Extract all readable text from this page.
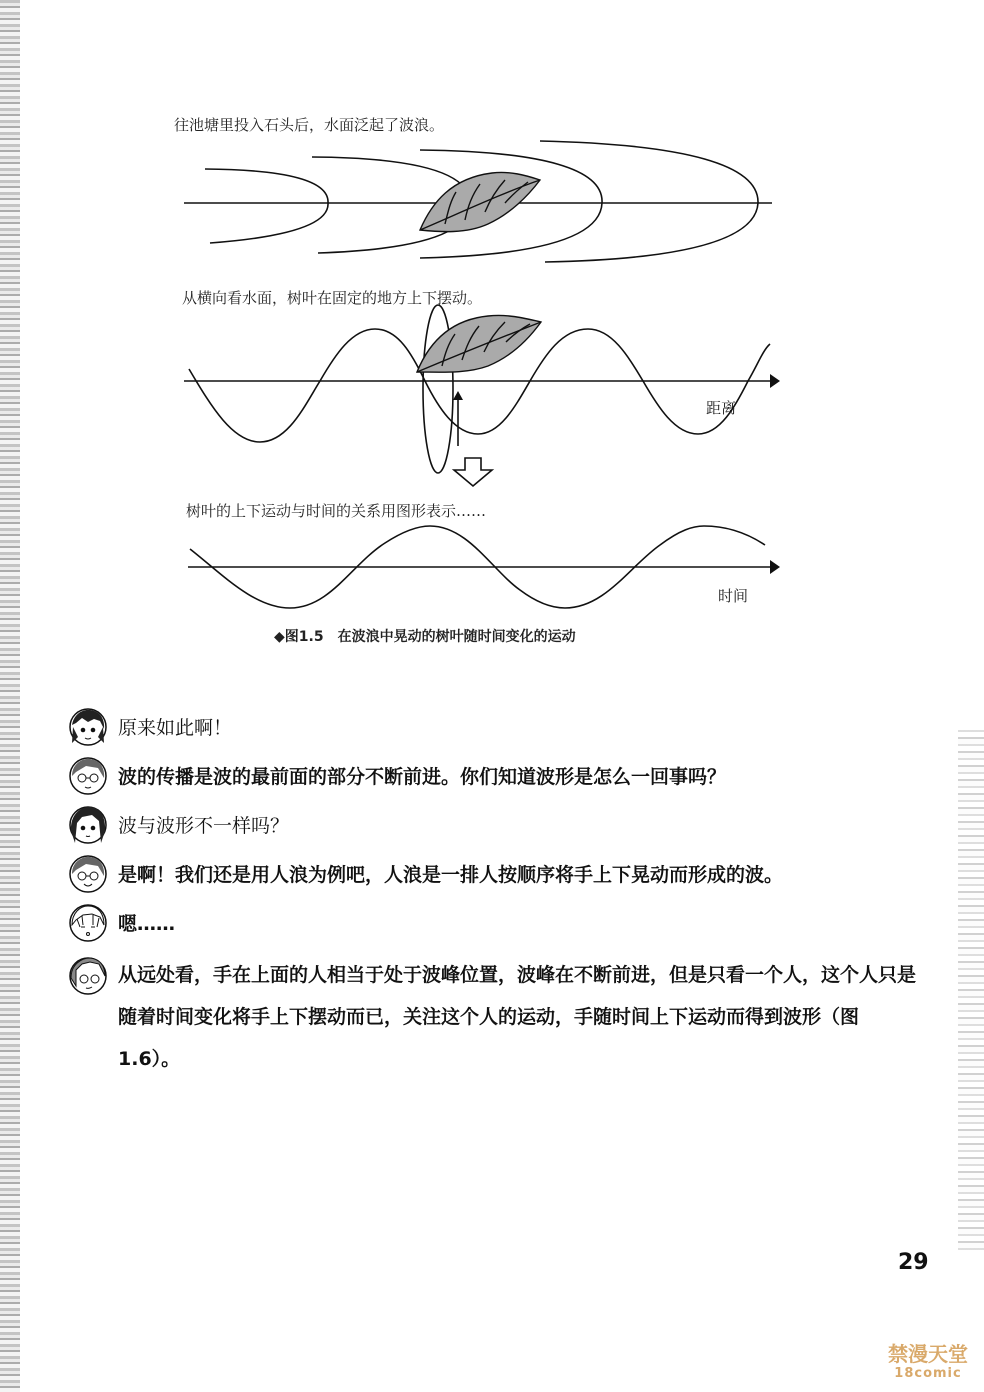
往池塘里投入石头后，水面泛起了波浪。
从横向看水面，树叶在固定的地方上下摆动。
树叶的上下运动与时间的关系用图形表示……
距离
时间
◆图1.5　在波浪中晃动的树叶随时间变化的运动
原来如此啊！
波的传播是波的最前面的部分不断前进。你们知道波形是怎么一回事吗？
波与波形不一样吗？
是啊！我们还是用人浪为例吧，人浪是一排人按顺序将手上下晃动而形成的波。
嗯……
从远处看，手在上面的人相当于处于波峰位置，波峰在不断前进，但是只看一个人，这个人只是随着时间变化将手上下摆动而已，关注这个人的运动，手随时间上下运动而得到波形（图1.6）。
29
禁漫天堂
18comic
